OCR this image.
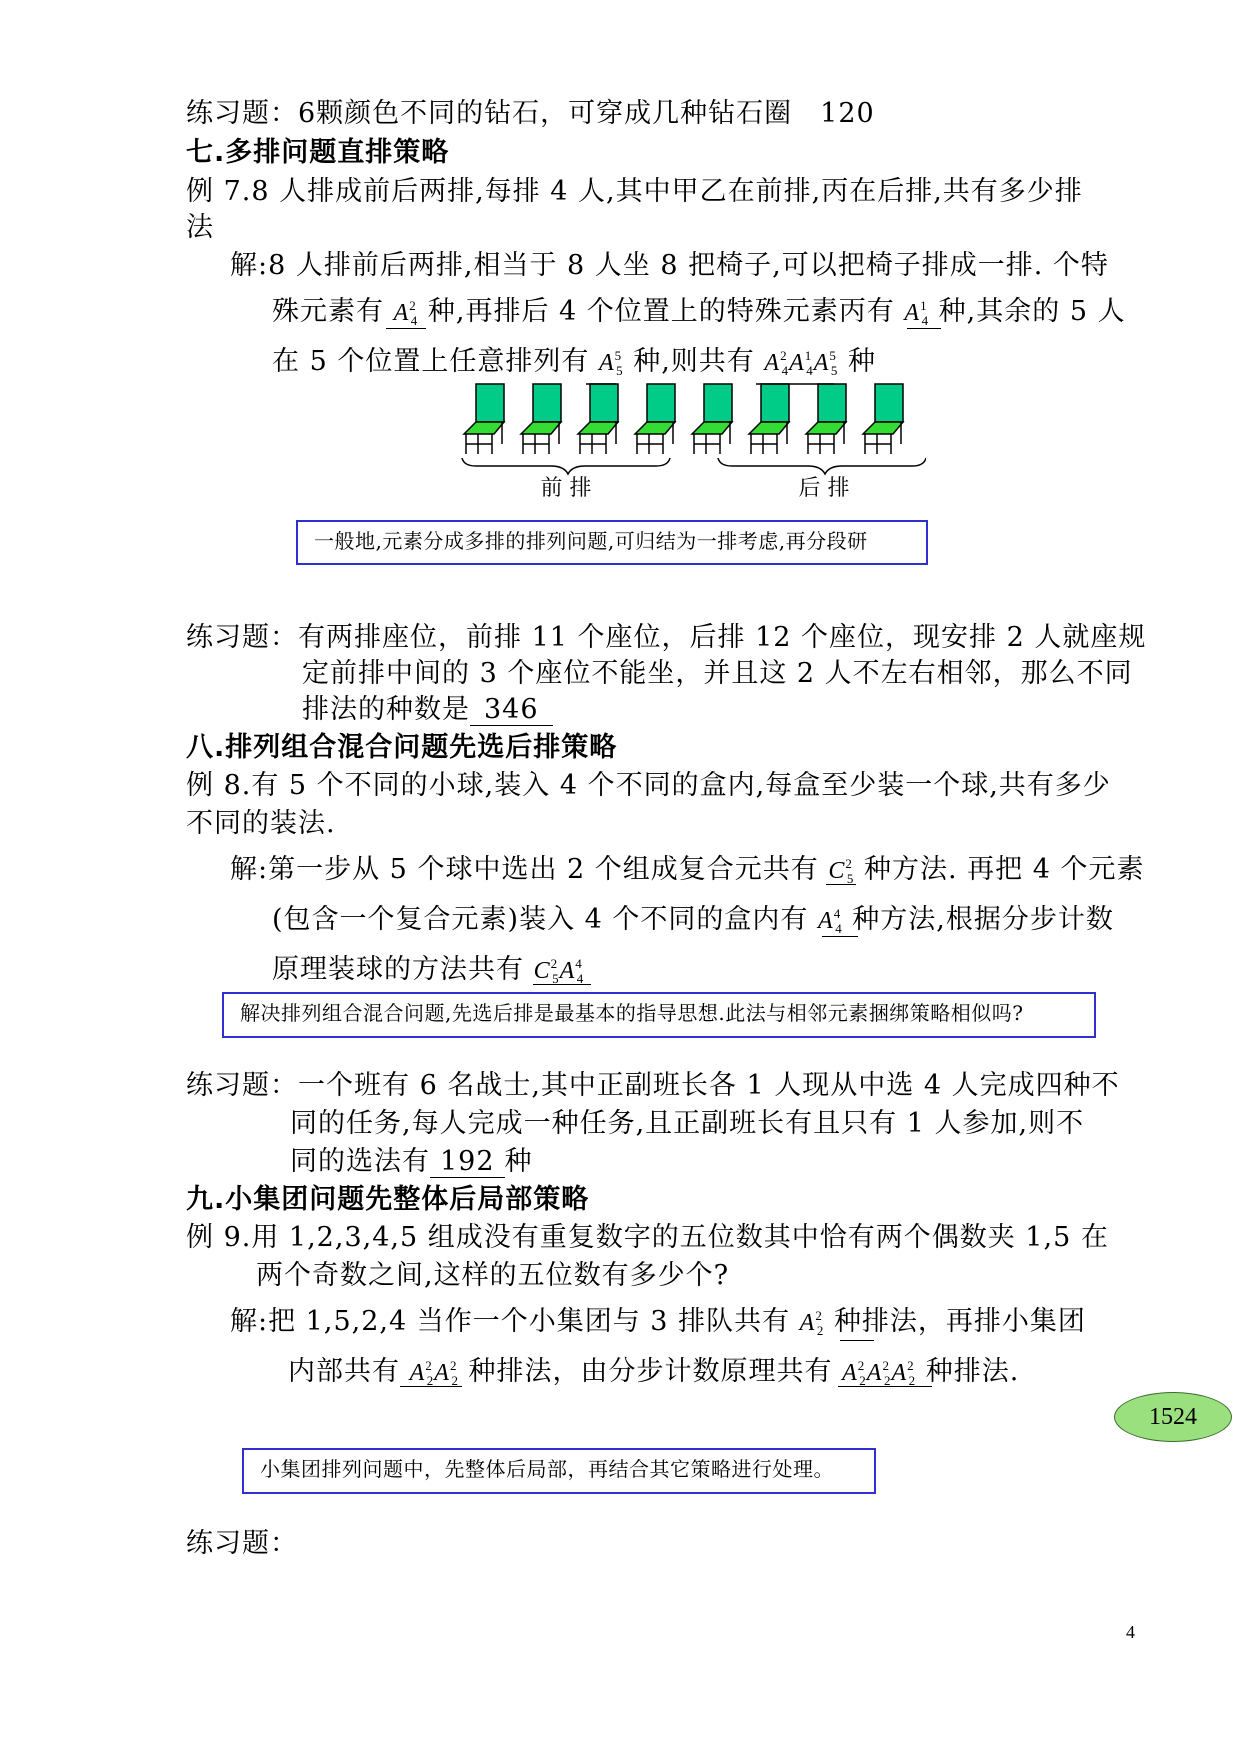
练习题：6颗颜色不同的钻石，可穿成几种钻石圈　120
七.多排问题直排策略
例 7.8 人排成前后两排,每排 4 人,其中甲乙在前排,丙在后排,共有多少排
法
解:8 人排前后两排,相当于 8 人坐 8 把椅子,可以把椅子排成一排. 个特
殊元素有 $A^2_4$ 种,再排后 4 个位置上的特殊元素丙有 $A^1_4$ 种,其余的 5 人
在 5 个位置上任意排列有 $A^5_5$ 种,则共有 $A^2_4A^1_4A^5_5$ 种
前 排	后 排
一般地,元素分成多排的排列问题,可归结为一排考虑,再分段研
练习题：有两排座位，前排 11 个座位，后排 12 个座位，现安排 2 人就座规
定前排中间的 3 个座位不能坐，并且这 2 人不左右相邻，那么不同
排法的种数是 346
八.排列组合混合问题先选后排策略
例 8.有 5 个不同的小球,装入 4 个不同的盒内,每盒至少装一个球,共有多少
不同的装法.
解:第一步从 5 个球中选出 2 个组成复合元共有 $C^2_5$ 种方法. 再把 4 个元素
(包含一个复合元素)装入 4 个不同的盒内有 $A^4_4$ 种方法,根据分步计数
原理装球的方法共有 $C^2_5A^4_4$
解决排列组合混合问题,先选后排是最基本的指导思想.此法与相邻元素捆绑策略相似吗?
练习题：一个班有 6 名战士,其中正副班长各 1 人现从中选 4 人完成四种不
同的任务,每人完成一种任务,且正副班长有且只有 1 人参加,则不
同的选法有 192 种
九.小集团问题先整体后局部策略
例 9.用 1,2,3,4,5 组成没有重复数字的五位数其中恰有两个偶数夹 1,5 在
两个奇数之间,这样的五位数有多少个?
解:把 1,5,2,4 当作一个小集团与 3 排队共有 $A^2_2$ 种排法，再排小集团
内部共有 $A^2_2A^2_2$ 种排法，由分步计数原理共有 $A^2_2A^2_2A^2_2$ 种排法.
1524
小集团排列问题中，先整体后局部，再结合其它策略进行处理。
练习题：
4
